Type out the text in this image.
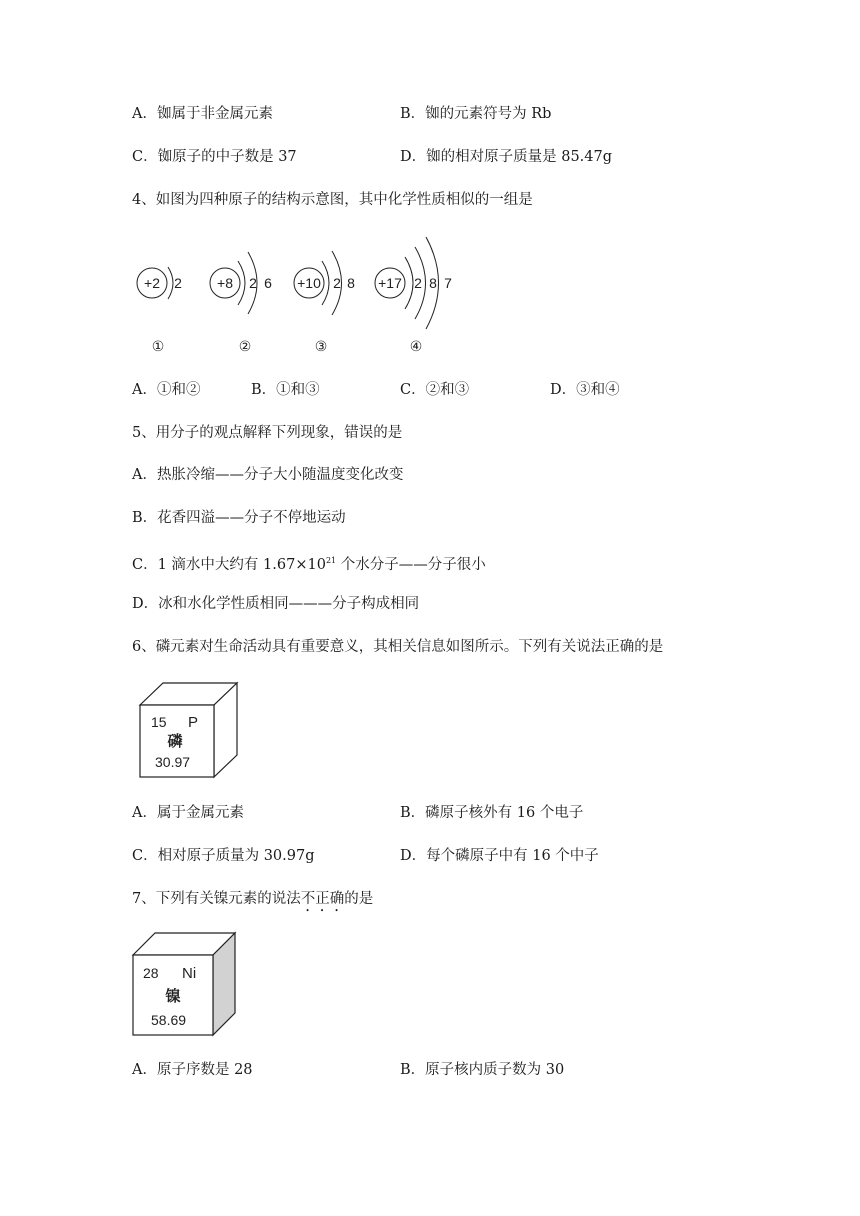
A．铷属于非金属元素	B．铷的元素符号为 Rb
C．铷原子的中子数是 37	D．铷的相对原子质量是 85.47g
4、如图为四种原子的结构示意图，其中化学性质相似的一组是
+2 2
①
+8 2 6
②
+10 2 8
③
+17 2 8 7
④
A．①和②	B．①和③	C．②和③	D．③和④
5、用分子的观点解释下列现象，错误的是
A．热胀冷缩——分子大小随温度变化改变
B．花香四溢——分子不停地运动
C．1 滴水中大约有 $1.67\times 10^{21}$ 个水分子——分子很小
D．冰和水化学性质相同———分子构成相同
6、磷元素对生命活动具有重要意义，其相关信息如图所示。下列有关说法正确的是
15 P
磷
30.97
A．属于金属元素	B．磷原子核外有 16 个电子
C．相对原子质量为 30.97g	D．每个磷原子中有 16 个中子
7、下列有关镍元素的说法不正确的是
28 Ni
镍
58.69
A．原子序数是 28	B．原子核内质子数为 30
